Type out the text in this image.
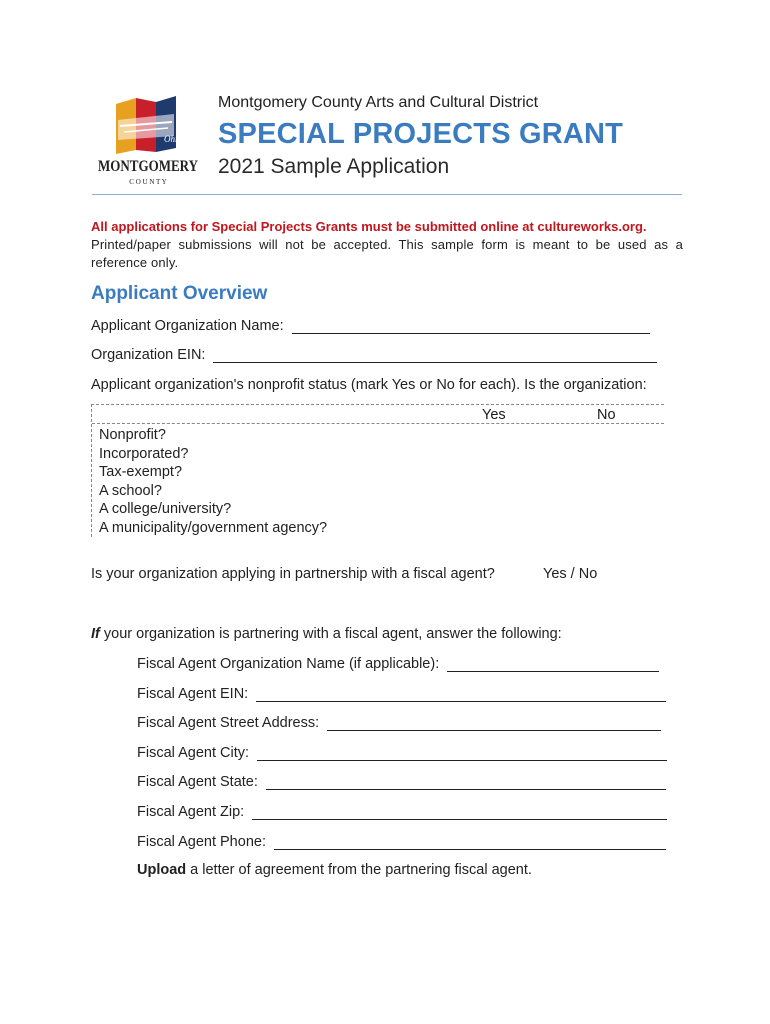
Ohio
MONTGOMERY
C O U N T Y

Montgomery County Arts and Cultural District

SPECIAL PROJECTS GRANT

2021 Sample Application

All applications for Special Projects Grants must be submitted online at cultureworks.org.
Printed/paper submissions will not be accepted. This sample form is meant to be used as a reference only.
Applicant Overview
Applicant Organization Name:
Organization EIN:
Applicant organization's nonprofit status (mark Yes or No for each). Is the organization:
Yes	No
Nonprofit?
Incorporated?
Tax-exempt?
A school?
A college/university?
A municipality/government agency?
Is your organization applying in partnership with a fiscal agent?	Yes / No
If your organization is partnering with a fiscal agent, answer the following:
Fiscal Agent Organization Name (if applicable):
Fiscal Agent EIN:
Fiscal Agent Street Address:
Fiscal Agent City:
Fiscal Agent State:
Fiscal Agent Zip:
Fiscal Agent Phone:
Upload a letter of agreement from the partnering fiscal agent.
